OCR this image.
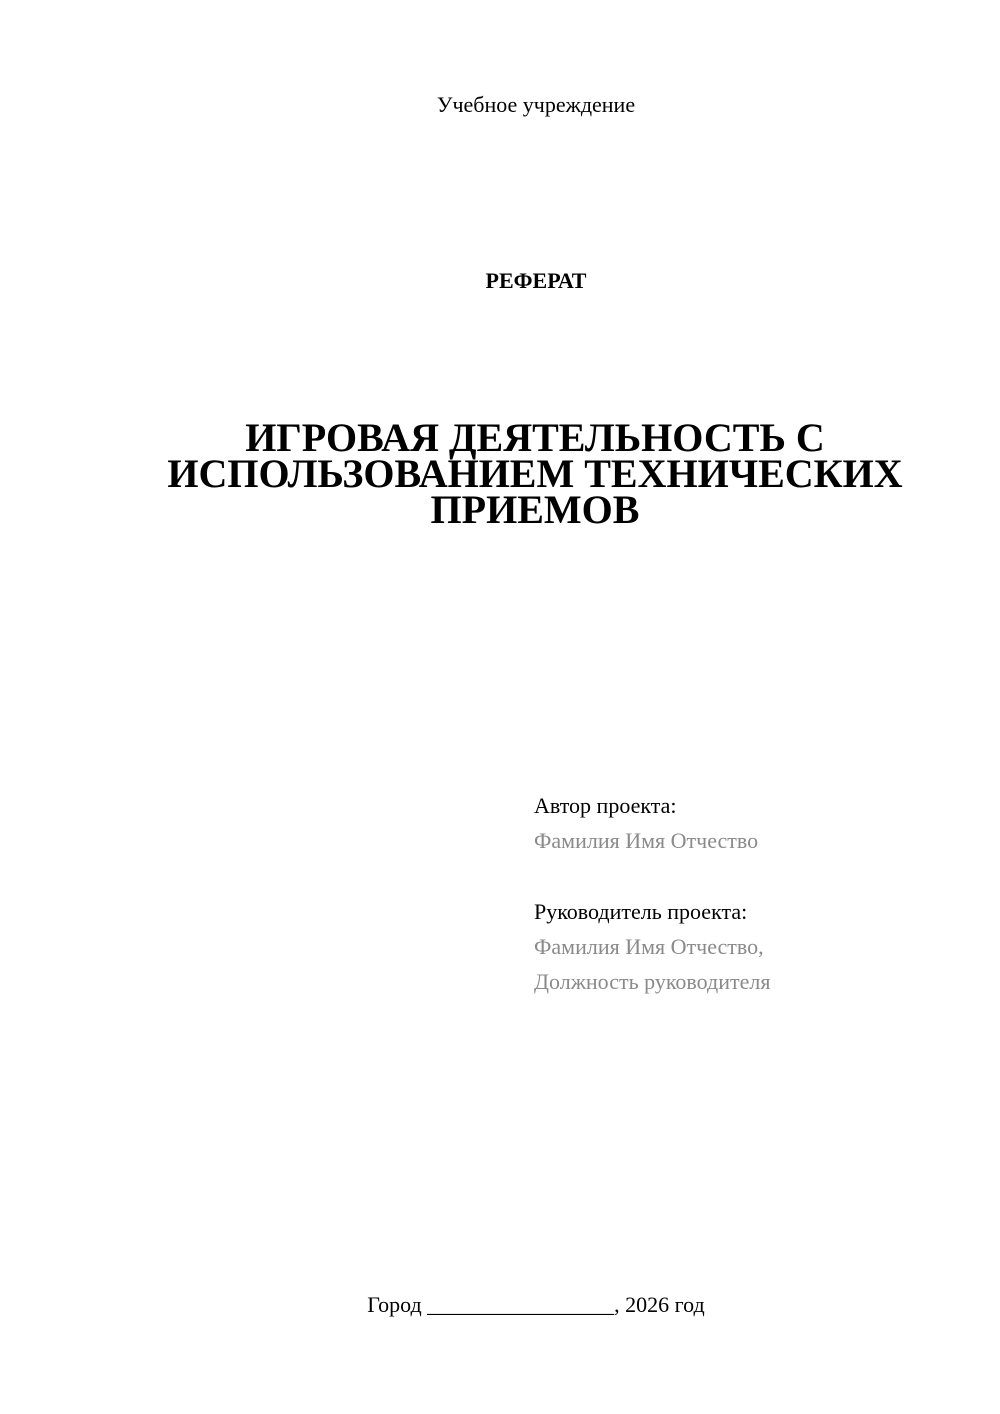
Учебное учреждение
РЕФЕРАТ
ИГРОВАЯ ДЕЯТЕЛЬНОСТЬ С
ИСПОЛЬЗОВАНИЕМ ТЕХНИЧЕСКИХ
ПРИЕМОВ
Автор проекта:
Фамилия Имя Отчество
Руководитель проекта:
Фамилия Имя Отчество,
Должность руководителя
Город _________________, 2026 год
